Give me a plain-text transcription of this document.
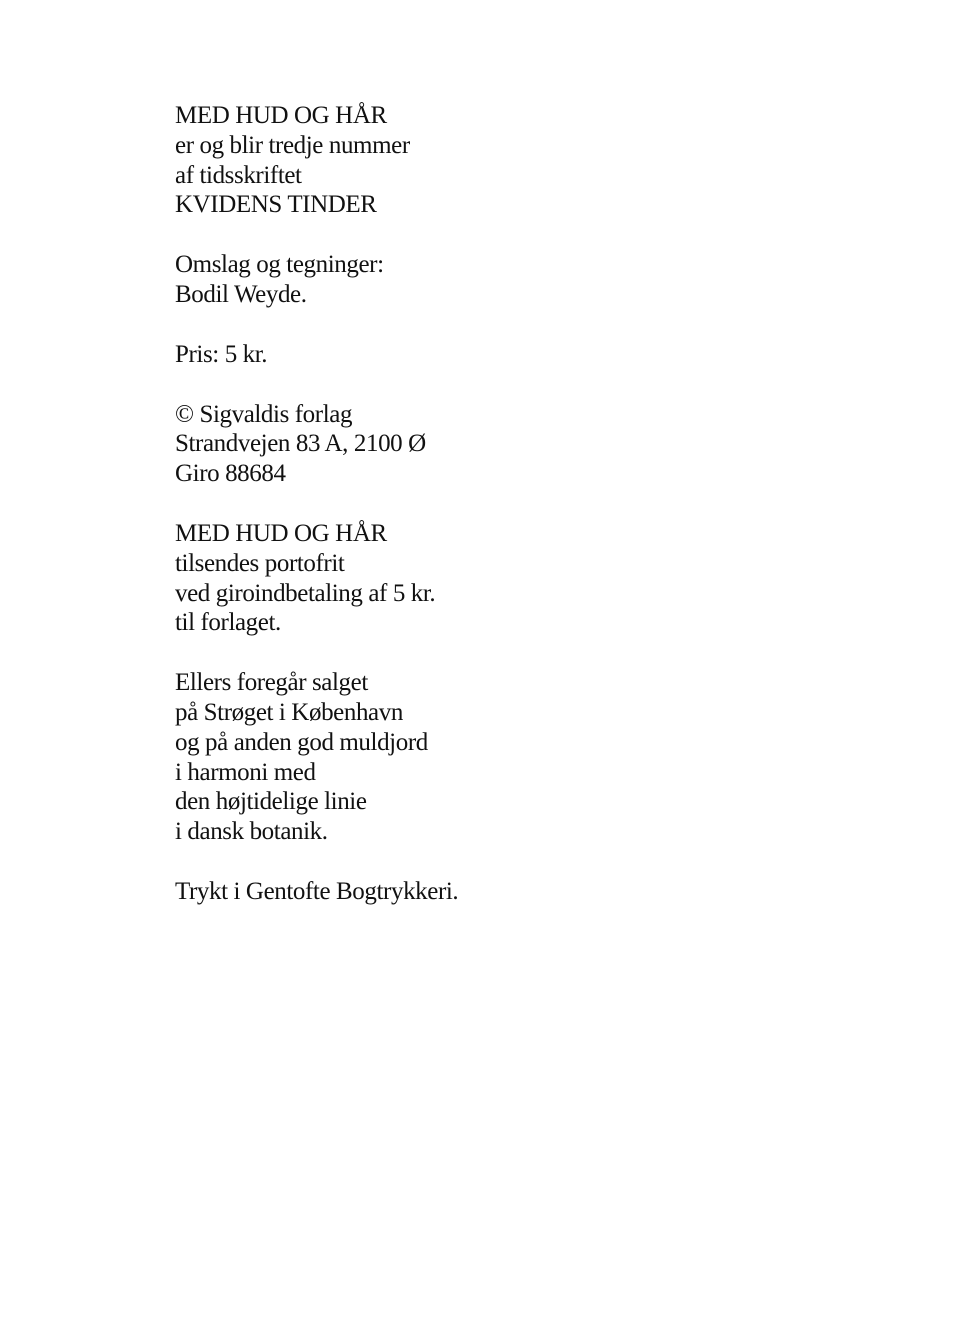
MED HUD OG HÅR
er og blir tredje nummer
af tidsskriftet
KVIDENS TINDER

Omslag og tegninger:
Bodil Weyde.

Pris: 5 kr.

© Sigvaldis forlag
Strandvejen 83 A, 2100 Ø
Giro 88684

MED HUD OG HÅR
tilsendes portofrit
ved giroindbetaling af 5 kr.
til forlaget.

Ellers foregår salget
på Strøget i København
og på anden god muldjord
i harmoni med
den højtidelige linie
i dansk botanik.

Trykt i Gentofte Bogtrykkeri.
